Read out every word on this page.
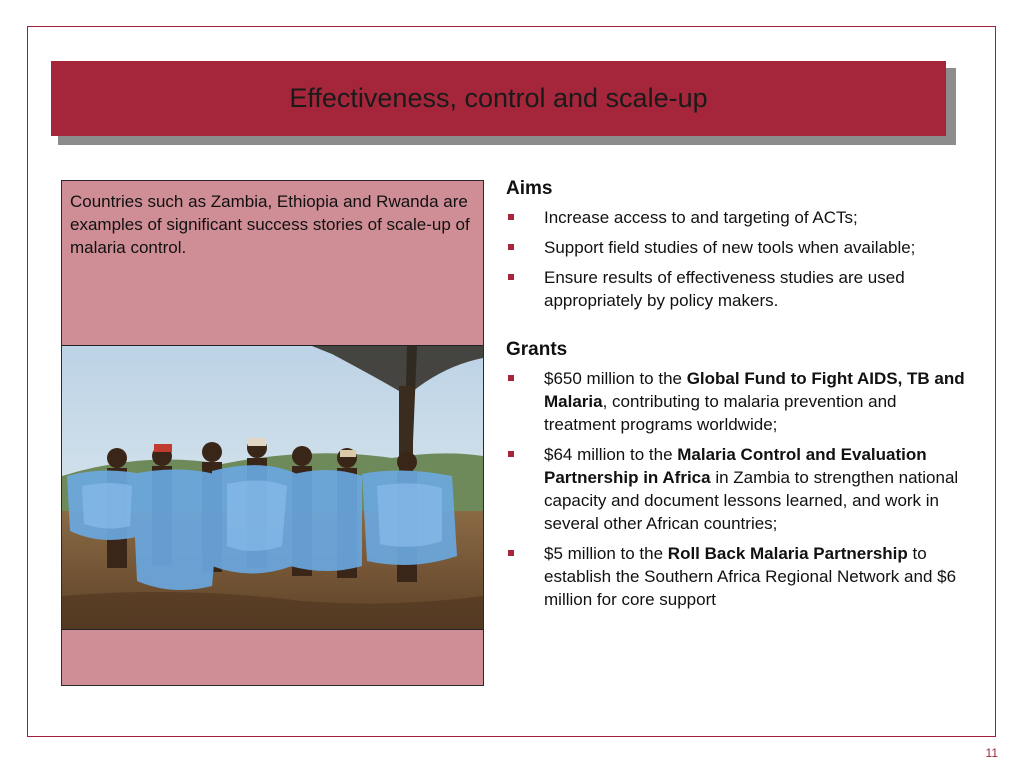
Effectiveness, control and scale-up
Countries such as Zambia, Ethiopia and Rwanda are examples of significant success stories of scale-up of malaria control.
Aims
Increase access to and targeting of ACTs;
Support field studies of new tools when available;
Ensure results of effectiveness studies are used appropriately by policy makers.
Grants
$650 million to the Global Fund to Fight AIDS, TB and Malaria, contributing to malaria prevention and treatment programs worldwide;
$64 million to the Malaria Control and Evaluation Partnership in Africa in Zambia to strengthen national capacity and document lessons learned, and work in several other African countries;
$5 million to the Roll Back Malaria Partnership to establish the Southern Africa Regional Network and $6 million for core support
11
